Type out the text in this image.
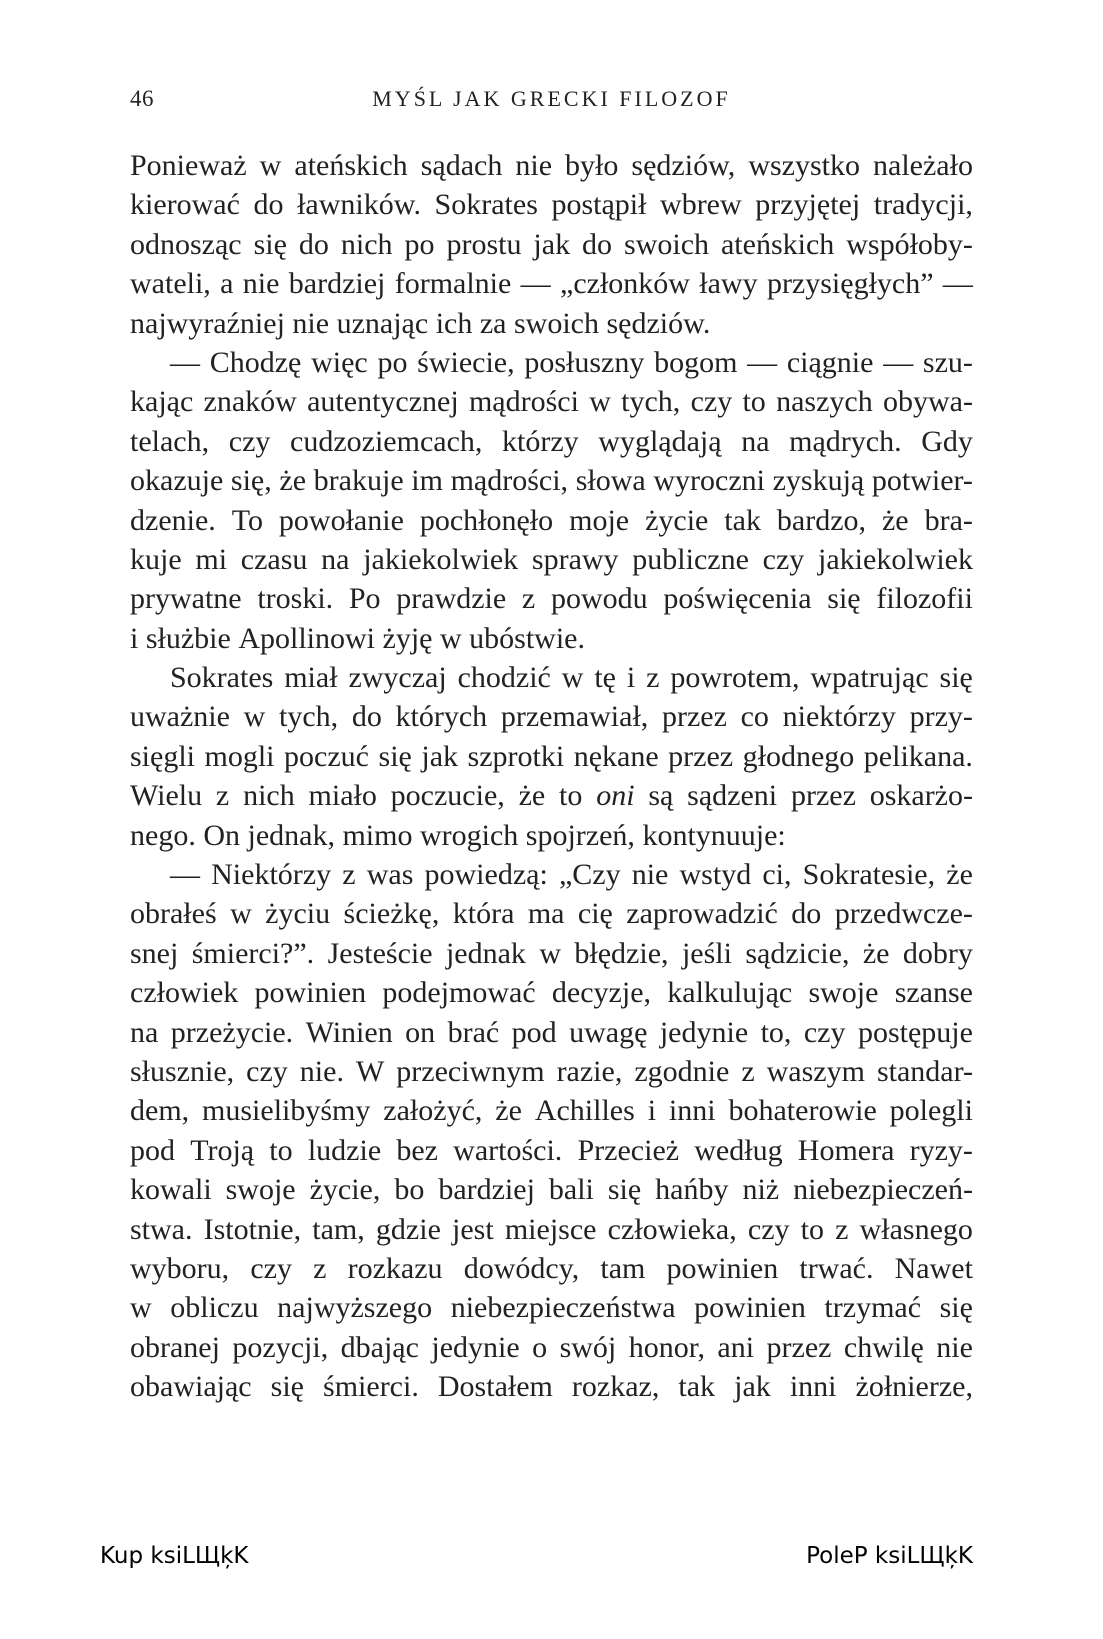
46	MYŚL JAK GRECKI FILOZOF
Ponieważ w ateńskich sądach nie było sędziów, wszystko należało
kierować do ławników. Sokrates postąpił wbrew przyjętej tradycji,
odnosząc się do nich po prostu jak do swoich ateńskich współoby-
wateli, a nie bardziej formalnie — „członków ławy przysięgłych” —
najwyraźniej nie uznając ich za swoich sędziów.
— Chodzę więc po świecie, posłuszny bogom — ciągnie — szu-
kając znaków autentycznej mądrości w tych, czy to naszych obywa-
telach, czy cudzoziemcach, którzy wyglądają na mądrych. Gdy
okazuje się, że brakuje im mądrości, słowa wyroczni zyskują potwier-
dzenie. To powołanie pochłonęło moje życie tak bardzo, że bra-
kuje mi czasu na jakiekolwiek sprawy publiczne czy jakiekolwiek
prywatne troski. Po prawdzie z powodu poświęcenia się filozofii
i służbie Apollinowi żyję w ubóstwie.
Sokrates miał zwyczaj chodzić w tę i z powrotem, wpatrując się
uważnie w tych, do których przemawiał, przez co niektórzy przy-
sięgli mogli poczuć się jak szprotki nękane przez głodnego pelikana.
Wielu z nich miało poczucie, że to oni są sądzeni przez oskarżo-
nego. On jednak, mimo wrogich spojrzeń, kontynuuje:
— Niektórzy z was powiedzą: „Czy nie wstyd ci, Sokratesie, że
obrałeś w życiu ścieżkę, która ma cię zaprowadzić do przedwcze-
snej śmierci?”. Jesteście jednak w błędzie, jeśli sądzicie, że dobry
człowiek powinien podejmować decyzje, kalkulując swoje szanse
na przeżycie. Winien on brać pod uwagę jedynie to, czy postępuje
słusznie, czy nie. W przeciwnym razie, zgodnie z waszym standar-
dem, musielibyśmy założyć, że Achilles i inni bohaterowie polegli
pod Troją to ludzie bez wartości. Przecież według Homera ryzy-
kowali swoje życie, bo bardziej bali się hańby niż niebezpieczeń-
stwa. Istotnie, tam, gdzie jest miejsce człowieka, czy to z własnego
wyboru, czy z rozkazu dowódcy, tam powinien trwać. Nawet
w obliczu najwyższego niebezpieczeństwa powinien trzymać się
obranej pozycji, dbając jedynie o swój honor, ani przez chwilę nie
obawiając się śmierci. Dostałem rozkaz, tak jak inni żołnierze,
Kup ksiLЩķK	PoleP ksiLЩķK
